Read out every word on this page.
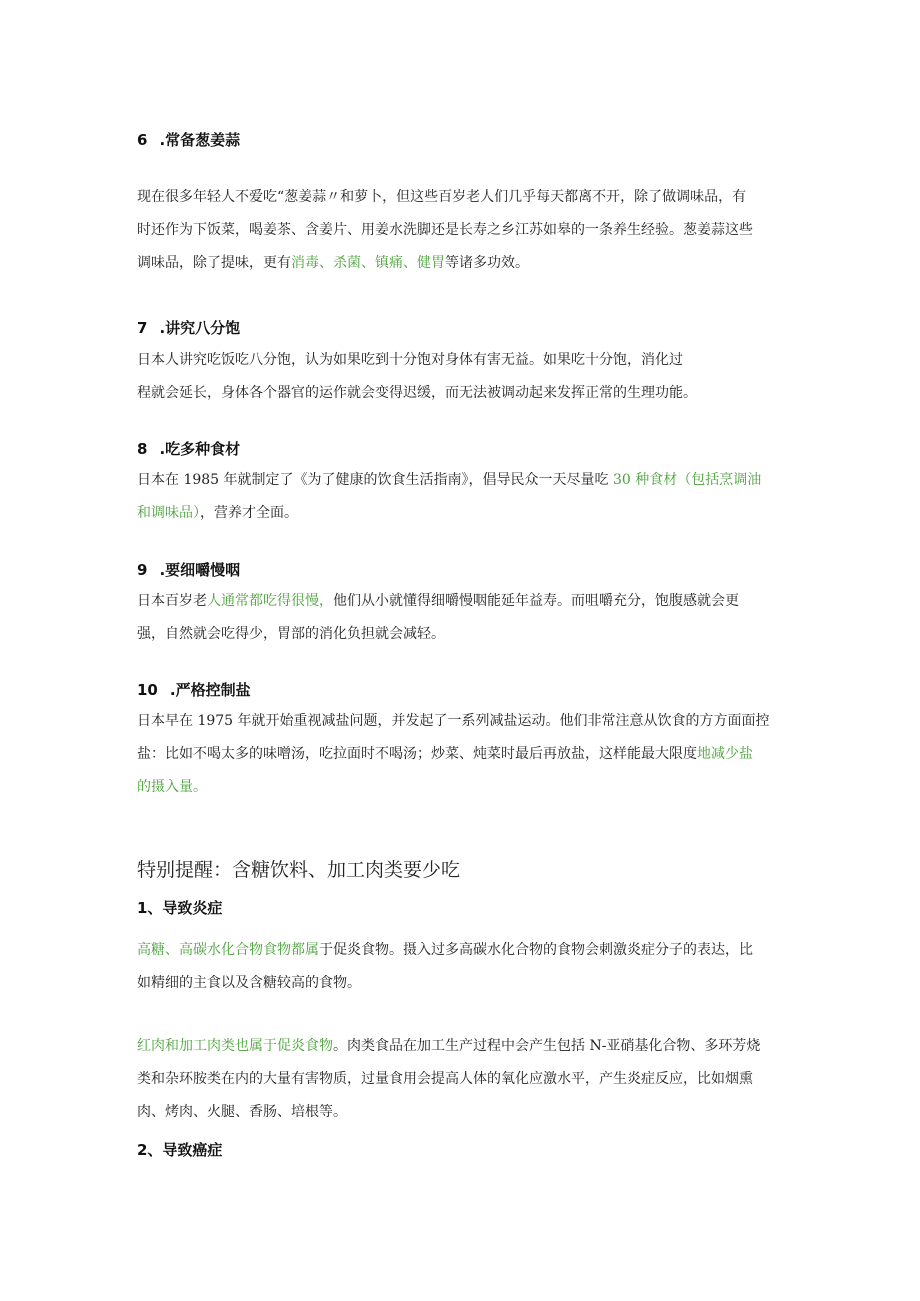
6 .常备葱姜蒜
现在很多年轻人不爱吃“葱姜蒜〃和萝卜，但这些百岁老人们几乎每天都离不开，除了做调味品，有
时还作为下饭菜，喝姜茶、含姜片、用姜水洗脚还是长寿之乡江苏如皋的一条养生经验。葱姜蒜这些
调味品，除了提味，更有消毒、杀菌、镇痛、健胃等诸多功效。
7 .讲究八分饱
日本人讲究吃饭吃八分饱，认为如果吃到十分饱对身体有害无益。如果吃十分饱，消化过
程就会延长，身体各个器官的运作就会变得迟缓，而无法被调动起来发挥正常的生理功能。
8 .吃多种食材
日本在 1985 年就制定了《为了健康的饮食生活指南》，倡导民众一天尽量吃 30 种食材（包括烹调油
和调味品），营养才全面。
9 .要细嚼慢咽
日本百岁老人通常都吃得很慢，他们从小就懂得细嚼慢咽能延年益寿。而咀嚼充分，饱腹感就会更
强，自然就会吃得少，胃部的消化负担就会减轻。
10 .严格控制盐
日本早在 1975 年就开始重视减盐问题，并发起了一系列减盐运动。他们非常注意从饮食的方方面面控
盐：比如不喝太多的味噌汤，吃拉面时不喝汤；炒菜、炖菜时最后再放盐，这样能最大限度地减少盐
的摄入量。
特别提醒：含糖饮料、加工肉类要少吃
1、导致炎症
高糖、高碳水化合物食物都属于促炎食物。摄入过多高碳水化合物的食物会刺激炎症分子的表达，比
如精细的主食以及含糖较高的食物。
红肉和加工肉类也属于促炎食物。肉类食品在加工生产过程中会产生包括 N-亚硝基化合物、多环芳烧
类和杂环胺类在内的大量有害物质，过量食用会提高人体的氧化应激水平，产生炎症反应，比如烟熏
肉、烤肉、火腿、香肠、培根等。
2、导致癌症
